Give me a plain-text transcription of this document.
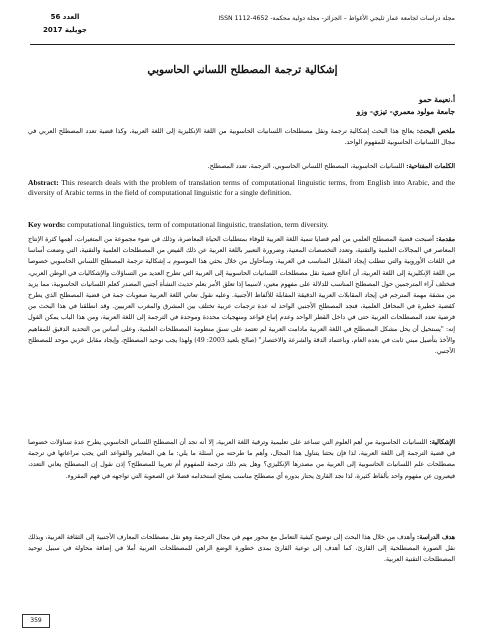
مجلة دراسات لجامعة عمار ثليجي الأغواط – الجزائر- مجلة دولية محكمة- ISSN 1112-4652
العدد 56
جويلية 2017
إشكالية ترجمة المصطلح اللساني الحاسوبي
أ.نعيمة حمو
جامعة مولود معمري- تيزي- وزو
ملخص البحث: يعالج هذا البحث إشكالية ترجمة ونقل مصطلحات اللسانيات الحاسوبية من اللغة الإنكليزية إلى اللغة العربية، وكذا قضية تعدد المصطلح العربي في مجال اللسانيات الحاسوبية للمفهوم الواحد.
الكلمات المفتاحية: اللسانيات الحاسوبية، المصطلح اللساني الحاسوبي، الترجمة، تعدد المصطلح.
Abstract: This research deals with the problem of translation terms of computational linguistic terms, from English into Arabic, and the diversity of Arabic terms in the field of computational linguistic for a single definition.
Key words: computational linguistics, term of computational linguistic, translation, term diversity.
مقدمة: أصبحت قضية المصطلح العلمي من أهم قضايا تنمية اللغة العربية للوفاء بمتطلبات الحياة المعاصرة، وذلك في ضوء مجموعة من المتغيرات، أهمها كثرة الإنتاج المعاصر في المجالات العلمية والتقنية، وتعدد التخصصات المعنية، وضرورة التعبير باللغة العربية عن ذلك الفيض من المصطلحات العلمية والتقنية، التي وضعت أساسا في اللغات الأوروبية والتي تتطلب إيجاد المقابل المناسب في العربية، وسأحاول من خلال بحثي هذا الموسوم بـ إشكالية ترجمة المصطلح اللساني الحاسوبي خصوصا من اللغة الإنكليزية إلى اللغة العربية، أن أعالج قضية نقل مصطلحات اللسانيات الحاسوبية إلى العربية التي تطرح العديد من التساؤلات والإشكاليات في الوطن العربي، فنختلف آراء المترجمين حول المصطلح المناسب للدلالة على مفهوم معين، لاسيما إذا تعلق الأمر بعلم حديث النشأة أجنبي المصدر كعلم اللسانيات الحاسوبية، مما يزيد من مشقة مهمة المترجم في إيجاد المقابلات العربية الدقيقة المقابلة للألفاظ الأجنبية. وعليه نقول تعاني اللغة العربية صعوبات جمة في قضية المصطلح الذي يطرح كقضية خطيرة في المحافل العلمية، فنجد المصطلح الأجنبي الواحد له عدة ترجمات عربية تختلف بين المشرق والمغرب العربيين. وقد انطلقنا في هذا البحث من فرضية تعدد المصطلحات العربية حتى في داخل القطر الواحد وعدم إتباع قواعد ومنهجيات محددة وموحدة في الترجمة إلى اللغة العربية، ومن هذا الباب يمكن القول إنه: "يستحيل أن يحل مشكل المصطلح في اللغة العربية مادامت العربية لم تعتمد على نسق منظومة المصطلحات العلمية، وعلى أساس من التحديد الدقيق للمفاهيم والأخذ بتأصيل مبني ثابت في بعده العام، وباعتماد الدقة والشرعة والاختصار" (صالح بلعيد 2003: 49) ولهذا يجب توحيد المصطلح، وإيجاد مقابل عربي موحد للمصطلح الأجنبي.
الإشكالية: اللسانيات الحاسوبية من أهم العلوم التي تساعد على تعليمية وترقية اللغة العربية، إلا أنه نجد أن المصطلح اللساني الحاسوبي يطرح عدة تساؤلات خصوصا في قضية الترجمة إلى اللغة العربية، لذا فإن بحثنا يتناول هذا المجال، وأهم ما طرحته من أسئلة ما يلي: ما هي المعايير والقواعد التي يجب مراعاتها في ترجمة مصطلحات علم اللسانيات الحاسوبية إلى العربية من مصدرها الإنكليزي؟ وهل يتم ذلك ترجمة للمفهوم أم تعريبا للمصطلح؟ إذن نقول إن المصطلح يعاني التعدد، فيعبرون عن مفهوم واحد بألفاظ كثيرة، لذا نجد القارئ يحتار بدوره أي مصطلح مناسب يصلح استخدامه فضلا عن الصعوبة التي تواجهه في فهم المقروء.
هدف الدراسة: وأهدف من خلال هذا البحث إلى توضيح كيفية التعامل مع محور مهم في مجال الترجمة وهو نقل مصطلحات المعارف الأجنبية إلى الثقافة العربية، وبذلك نقل الصورة المصطلحية إلى القارئ، كما أهدف إلى توعية القارئ بمدى خطورة الوضع الراهن للمصطلحات العربية أملا في إضافة محاولة في سبيل توحيد المصطلحات التقنية العربية.
359
